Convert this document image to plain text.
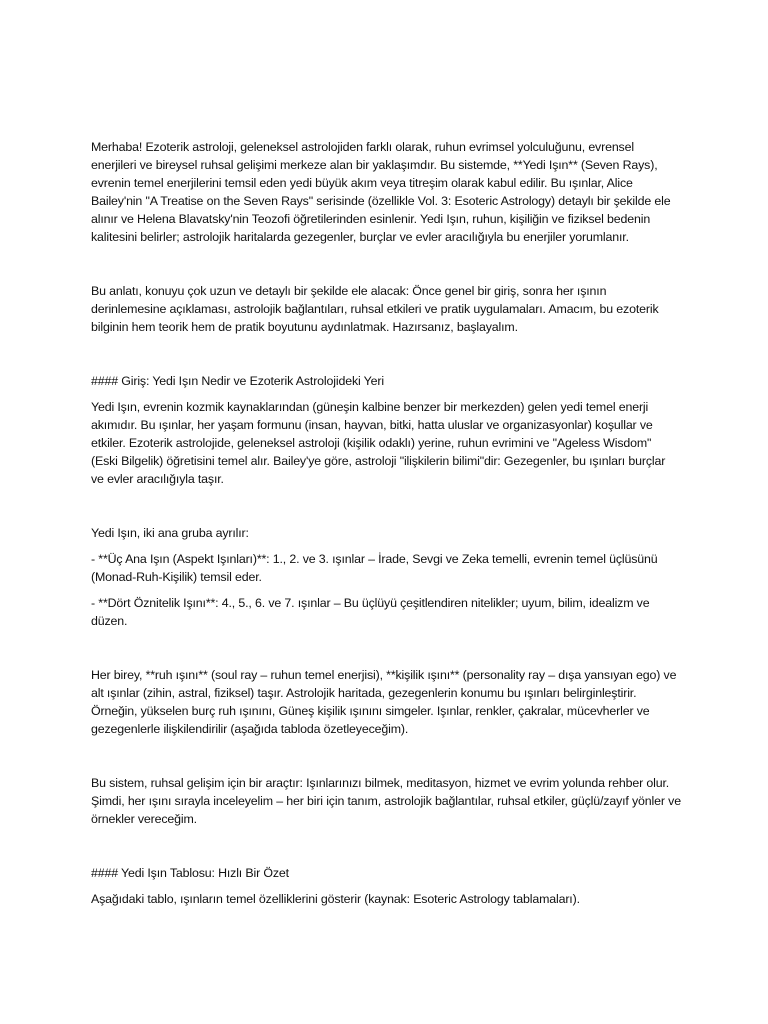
Merhaba! Ezoterik astroloji, geleneksel astrolojiden farklı olarak, ruhun evrimsel yolculuğunu, evrensel enerjileri ve bireysel ruhsal gelişimi merkeze alan bir yaklaşımdır. Bu sistemde, **Yedi Işın** (Seven Rays), evrenin temel enerjilerini temsil eden yedi büyük akım veya titreşim olarak kabul edilir. Bu ışınlar, Alice Bailey'nin "A Treatise on the Seven Rays" serisinde (özellikle Vol. 3: Esoteric Astrology) detaylı bir şekilde ele alınır ve Helena Blavatsky'nin Teozofi öğretilerinden esinlenir. Yedi Işın, ruhun, kişiliğin ve fiziksel bedenin kalitesini belirler; astrolojik haritalarda gezegenler, burçlar ve evler aracılığıyla bu enerjiler yorumlanır.

Bu anlatı, konuyu çok uzun ve detaylı bir şekilde ele alacak: Önce genel bir giriş, sonra her ışının derinlemesine açıklaması, astrolojik bağlantıları, ruhsal etkileri ve pratik uygulamaları. Amacım, bu ezoterik bilginin hem teorik hem de pratik boyutunu aydınlatmak. Hazırsanız, başlayalım.

#### Giriş: Yedi Işın Nedir ve Ezoterik Astrolojideki Yeri

Yedi Işın, evrenin kozmik kaynaklarından (güneşin kalbine benzer bir merkezden) gelen yedi temel enerji akımıdır. Bu ışınlar, her yaşam formunu (insan, hayvan, bitki, hatta uluslar ve organizasyonlar) koşullar ve etkiler. Ezoterik astrolojide, geleneksel astroloji (kişilik odaklı) yerine, ruhun evrimini ve "Ageless Wisdom" (Eski Bilgelik) öğretisini temel alır. Bailey'ye göre, astroloji "ilişkilerin bilimi"dir: Gezegenler, bu ışınları burçlar ve evler aracılığıyla taşır.

Yedi Işın, iki ana gruba ayrılır:

- **Üç Ana Işın (Aspekt Işınları)**: 1., 2. ve 3. ışınlar – İrade, Sevgi ve Zeka temelli, evrenin temel üçlüsünü (Monad-Ruh-Kişilik) temsil eder.

- **Dört Öznitelik Işını**: 4., 5., 6. ve 7. ışınlar – Bu üçlüyü çeşitlendiren nitelikler; uyum, bilim, idealizm ve düzen.

Her birey, **ruh ışını** (soul ray – ruhun temel enerjisi), **kişilik ışını** (personality ray – dışa yansıyan ego) ve alt ışınlar (zihin, astral, fiziksel) taşır. Astrolojik haritada, gezegenlerin konumu bu ışınları belirginleştirir. Örneğin, yükselen burç ruh ışınını, Güneş kişilik ışınını simgeler. Işınlar, renkler, çakralar, mücevherler ve gezegenlerle ilişkilendirilir (aşağıda tabloda özetleyeceğim).

Bu sistem, ruhsal gelişim için bir araçtır: Işınlarınızı bilmek, meditasyon, hizmet ve evrim yolunda rehber olur. Şimdi, her ışını sırayla inceleyelim – her biri için tanım, astrolojik bağlantılar, ruhsal etkiler, güçlü/zayıf yönler ve örnekler vereceğim.

#### Yedi Işın Tablosu: Hızlı Bir Özet

Aşağıdaki tablo, ışınların temel özelliklerini gösterir (kaynak: Esoteric Astrology tablamaları).
